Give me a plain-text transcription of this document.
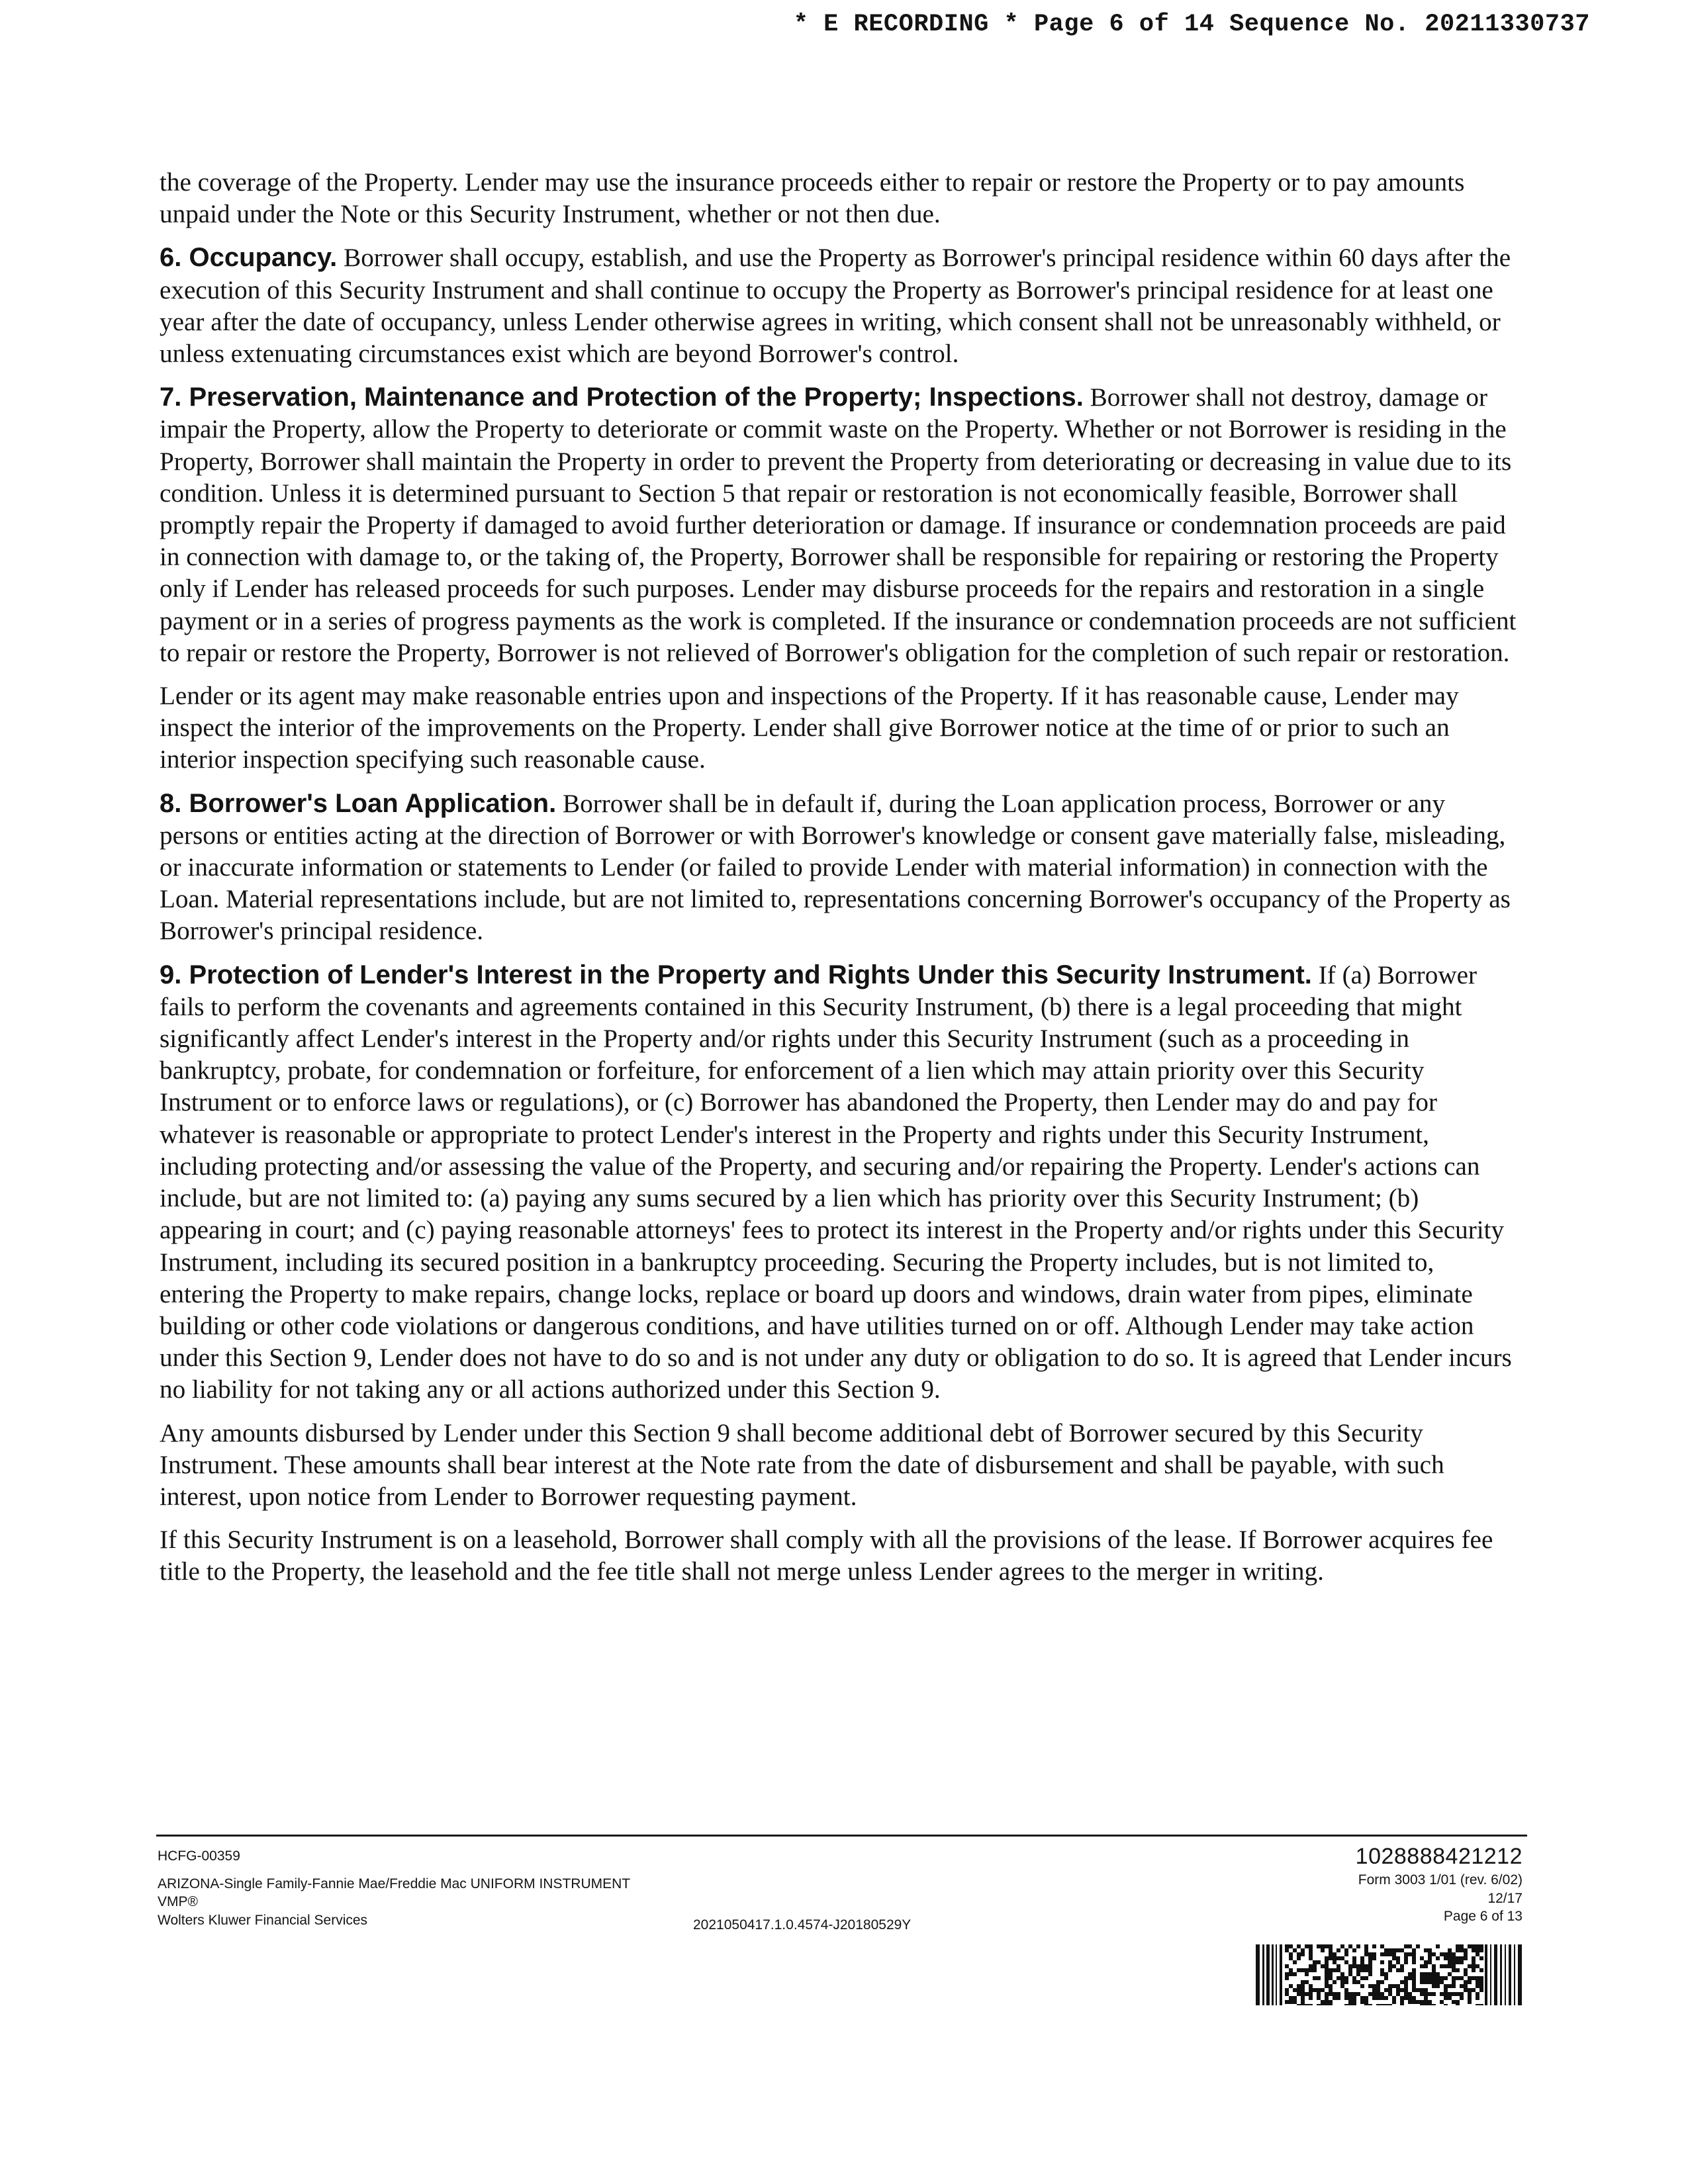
* E RECORDING * Page 6 of 14 Sequence No. 20211330737

the coverage of the Property. Lender may use the insurance proceeds either to repair or restore the Property or to pay amounts unpaid under the Note or this Security Instrument, whether or not then due.

6. Occupancy. Borrower shall occupy, establish, and use the Property as Borrower's principal residence within 60 days after the execution of this Security Instrument and shall continue to occupy the Property as Borrower's principal residence for at least one year after the date of occupancy, unless Lender otherwise agrees in writing, which consent shall not be unreasonably withheld, or unless extenuating circumstances exist which are beyond Borrower's control.

7. Preservation, Maintenance and Protection of the Property; Inspections. Borrower shall not destroy, damage or impair the Property, allow the Property to deteriorate or commit waste on the Property. Whether or not Borrower is residing in the Property, Borrower shall maintain the Property in order to prevent the Property from deteriorating or decreasing in value due to its condition. Unless it is determined pursuant to Section 5 that repair or restoration is not economically feasible, Borrower shall promptly repair the Property if damaged to avoid further deterioration or damage. If insurance or condemnation proceeds are paid in connection with damage to, or the taking of, the Property, Borrower shall be responsible for repairing or restoring the Property only if Lender has released proceeds for such purposes. Lender may disburse proceeds for the repairs and restoration in a single payment or in a series of progress payments as the work is completed. If the insurance or condemnation proceeds are not sufficient to repair or restore the Property, Borrower is not relieved of Borrower's obligation for the completion of such repair or restoration.

Lender or its agent may make reasonable entries upon and inspections of the Property. If it has reasonable cause, Lender may inspect the interior of the improvements on the Property. Lender shall give Borrower notice at the time of or prior to such an interior inspection specifying such reasonable cause.

8. Borrower's Loan Application. Borrower shall be in default if, during the Loan application process, Borrower or any persons or entities acting at the direction of Borrower or with Borrower's knowledge or consent gave materially false, misleading, or inaccurate information or statements to Lender (or failed to provide Lender with material information) in connection with the Loan. Material representations include, but are not limited to, representations concerning Borrower's occupancy of the Property as Borrower's principal residence.

9. Protection of Lender's Interest in the Property and Rights Under this Security Instrument. If (a) Borrower fails to perform the covenants and agreements contained in this Security Instrument, (b) there is a legal proceeding that might significantly affect Lender's interest in the Property and/or rights under this Security Instrument (such as a proceeding in bankruptcy, probate, for condemnation or forfeiture, for enforcement of a lien which may attain priority over this Security Instrument or to enforce laws or regulations), or (c) Borrower has abandoned the Property, then Lender may do and pay for whatever is reasonable or appropriate to protect Lender's interest in the Property and rights under this Security Instrument, including protecting and/or assessing the value of the Property, and securing and/or repairing the Property. Lender's actions can include, but are not limited to: (a) paying any sums secured by a lien which has priority over this Security Instrument; (b) appearing in court; and (c) paying reasonable attorneys' fees to protect its interest in the Property and/or rights under this Security Instrument, including its secured position in a bankruptcy proceeding. Securing the Property includes, but is not limited to, entering the Property to make repairs, change locks, replace or board up doors and windows, drain water from pipes, eliminate building or other code violations or dangerous conditions, and have utilities turned on or off. Although Lender may take action under this Section 9, Lender does not have to do so and is not under any duty or obligation to do so. It is agreed that Lender incurs no liability for not taking any or all actions authorized under this Section 9.

Any amounts disbursed by Lender under this Section 9 shall become additional debt of Borrower secured by this Security Instrument. These amounts shall bear interest at the Note rate from the date of disbursement and shall be payable, with such interest, upon notice from Lender to Borrower requesting payment.

If this Security Instrument is on a leasehold, Borrower shall comply with all the provisions of the lease. If Borrower acquires fee title to the Property, the leasehold and the fee title shall not merge unless Lender agrees to the merger in writing.

HCFG-00359
ARIZONA-Single Family-Fannie Mae/Freddie Mac UNIFORM INSTRUMENT
VMP®
Wolters Kluwer Financial Services	2021050417.1.0.4574-J20180529Y
1028888421212
Form 3003 1/01 (rev. 6/02)
12/17
Page 6 of 13
